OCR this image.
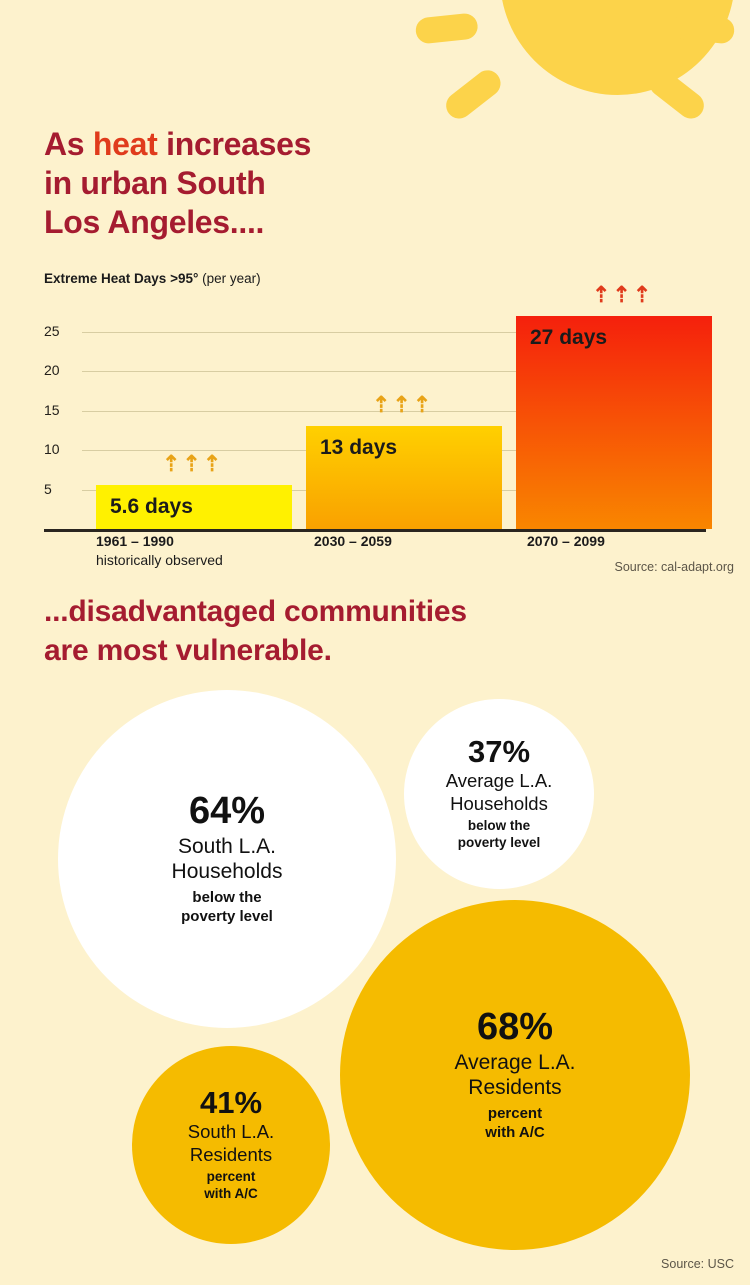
As heat increases
in urban South
Los Angeles....
Extreme Heat Days >95° (per year)
25
20
15
10
5
5.6 days
13 days
27 days
⇡⇡⇡
⇡⇡⇡
⇡⇡⇡
1961 – 1990
historically observed
2030 – 2059	2070 – 2099
Source: cal-adapt.org
...disadvantaged communities
are most vulnerable.
64%
South L.A.
Households
below the
poverty level
37%
Average L.A.
Households
below the
poverty level
68%
Average L.A.
Residents
percent
with A/C
41%
South L.A.
Residents
percent
with A/C
Source: USC
